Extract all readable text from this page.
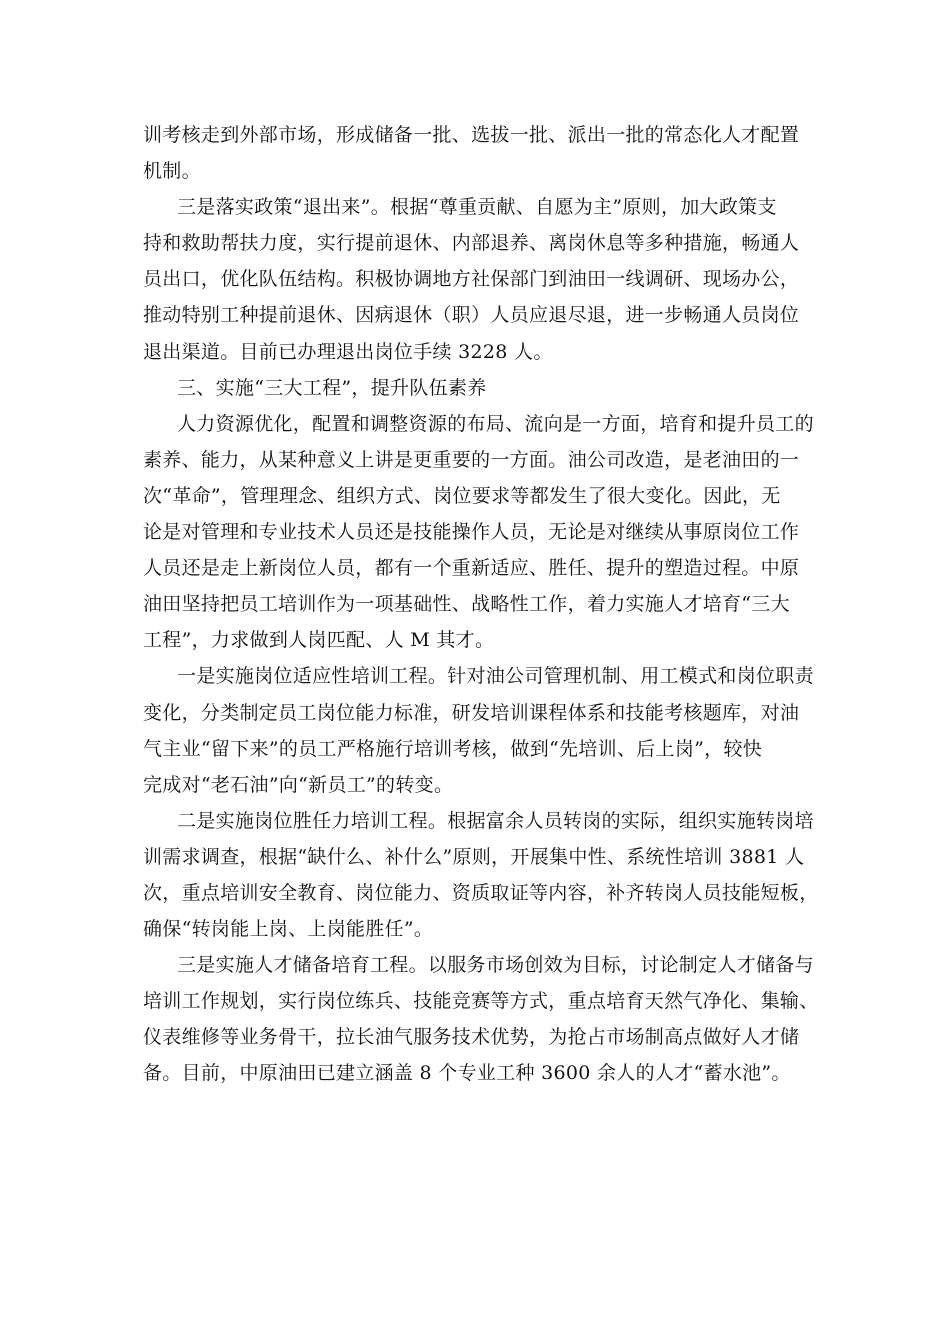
训考核走到外部市场，形成储备一批、选拔一批、派出一批的常态化人才配置
机制。

三是落实政策“退出来”。根据“尊重贡献、自愿为主”原则，加大政策支
持和救助帮扶力度，实行提前退休、内部退养、离岗休息等多种措施，畅通人
员出口，优化队伍结构。积极协调地方社保部门到油田一线调研、现场办公，
推动特别工种提前退休、因病退休（职）人员应退尽退，进一步畅通人员岗位
退出渠道。目前已办理退出岗位手续 3228 人。

三、实施“三大工程”，提升队伍素养

人力资源优化，配置和调整资源的布局、流向是一方面，培育和提升员工的
素养、能力，从某种意义上讲是更重要的一方面。油公司改造，是老油田的一
次“革命”，管理理念、组织方式、岗位要求等都发生了很大变化。因此，无
论是对管理和专业技术人员还是技能操作人员，无论是对继续从事原岗位工作
人员还是走上新岗位人员，都有一个重新适应、胜任、提升的塑造过程。中原
油田坚持把员工培训作为一项基础性、战略性工作，着力实施人才培育“三大
工程”，力求做到人岗匹配、人 M 其才。

一是实施岗位适应性培训工程。针对油公司管理机制、用工模式和岗位职责
变化，分类制定员工岗位能力标准，研发培训课程体系和技能考核题库，对油
气主业“留下来”的员工严格施行培训考核，做到“先培训、后上岗”，较快
完成对“老石油”向“新员工”的转变。

二是实施岗位胜任力培训工程。根据富余人员转岗的实际，组织实施转岗培
训需求调查，根据“缺什么、补什么”原则，开展集中性、系统性培训 3881 人
次，重点培训安全教育、岗位能力、资质取证等内容，补齐转岗人员技能短板，
确保“转岗能上岗、上岗能胜任”。

三是实施人才储备培育工程。以服务市场创效为目标，讨论制定人才储备与
培训工作规划，实行岗位练兵、技能竞赛等方式，重点培育天然气净化、集输、
仪表维修等业务骨干，拉长油气服务技术优势，为抢占市场制高点做好人才储
备。目前，中原油田已建立涵盖 8 个专业工种 3600 余人的人才“蓄水池”。
